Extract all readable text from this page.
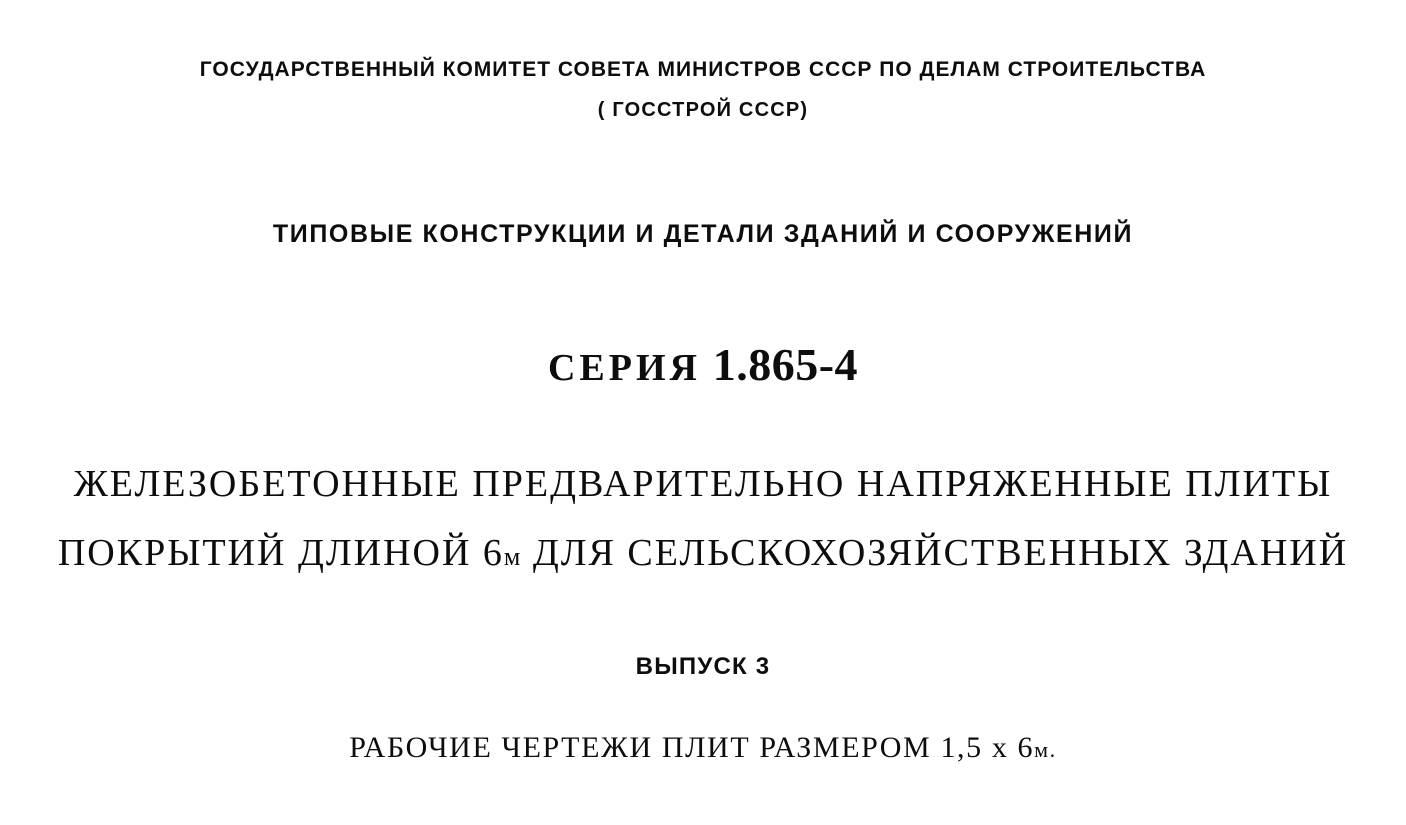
ГОСУДАРСТВЕННЫЙ КОМИТЕТ СОВЕТА МИНИСТРОВ СССР ПО ДЕЛАМ СТРОИТЕЛЬСТВА
( ГОССТРОЙ СССР)
ТИПОВЫЕ КОНСТРУКЦИИ И ДЕТАЛИ ЗДАНИЙ И СООРУЖЕНИЙ
СЕРИЯ 1.865-4
ЖЕЛЕЗОБЕТОННЫЕ ПРЕДВАРИТЕЛЬНО НАПРЯЖЕННЫЕ ПЛИТЫ
ПОКРЫТИЙ ДЛИНОЙ 6м ДЛЯ СЕЛЬСКОХОЗЯЙСТВЕННЫХ ЗДАНИЙ
ВЫПУСК 3
РАБОЧИЕ ЧЕРТЕЖИ ПЛИТ РАЗМЕРОМ 1,5 х 6м.
